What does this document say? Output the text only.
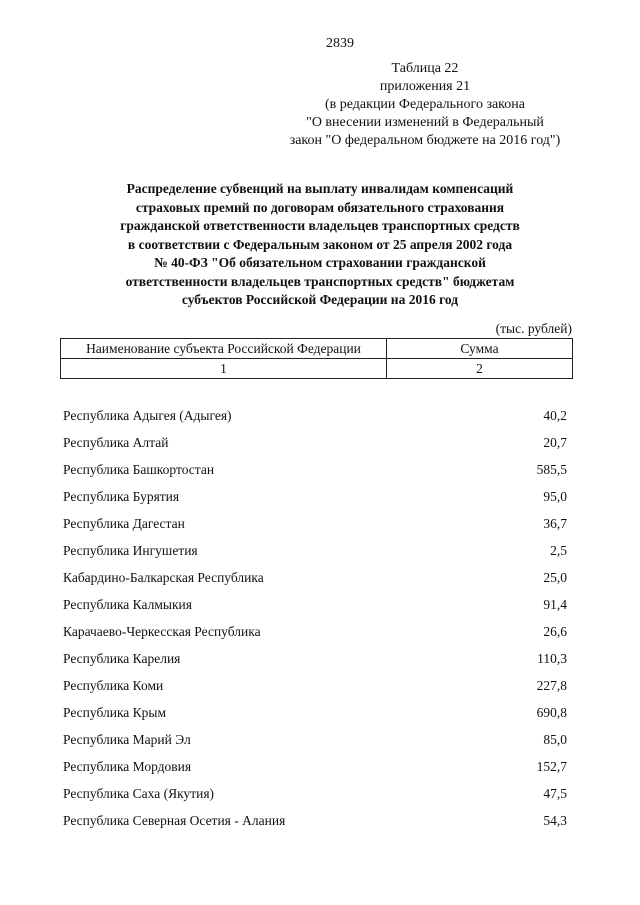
2839
Таблица 22
приложения 21
(в редакции Федерального закона
"О внесении изменений в Федеральный
закон "О федеральном бюджете на 2016 год")
Распределение субвенций на выплату инвалидам компенсаций
страховых премий по договорам обязательного страхования
гражданской ответственности владельцев транспортных средств
в соответствии с Федеральным законом от 25 апреля 2002 года
№ 40-ФЗ "Об обязательном страховании гражданской
ответственности владельцев транспортных средств" бюджетам
субъектов Российской Федерации на 2016 год
(тыс. рублей)
Наименование субъекта Российской Федерации	Сумма
1	2
Республика Адыгея (Адыгея)	40,2
Республика Алтай	20,7
Республика Башкортостан	585,5
Республика Бурятия	95,0
Республика Дагестан	36,7
Республика Ингушетия	2,5
Кабардино-Балкарская Республика	25,0
Республика Калмыкия	91,4
Карачаево-Черкесская Республика	26,6
Республика Карелия	110,3
Республика Коми	227,8
Республика Крым	690,8
Республика Марий Эл	85,0
Республика Мордовия	152,7
Республика Саха (Якутия)	47,5
Республика Северная Осетия - Алания	54,3
